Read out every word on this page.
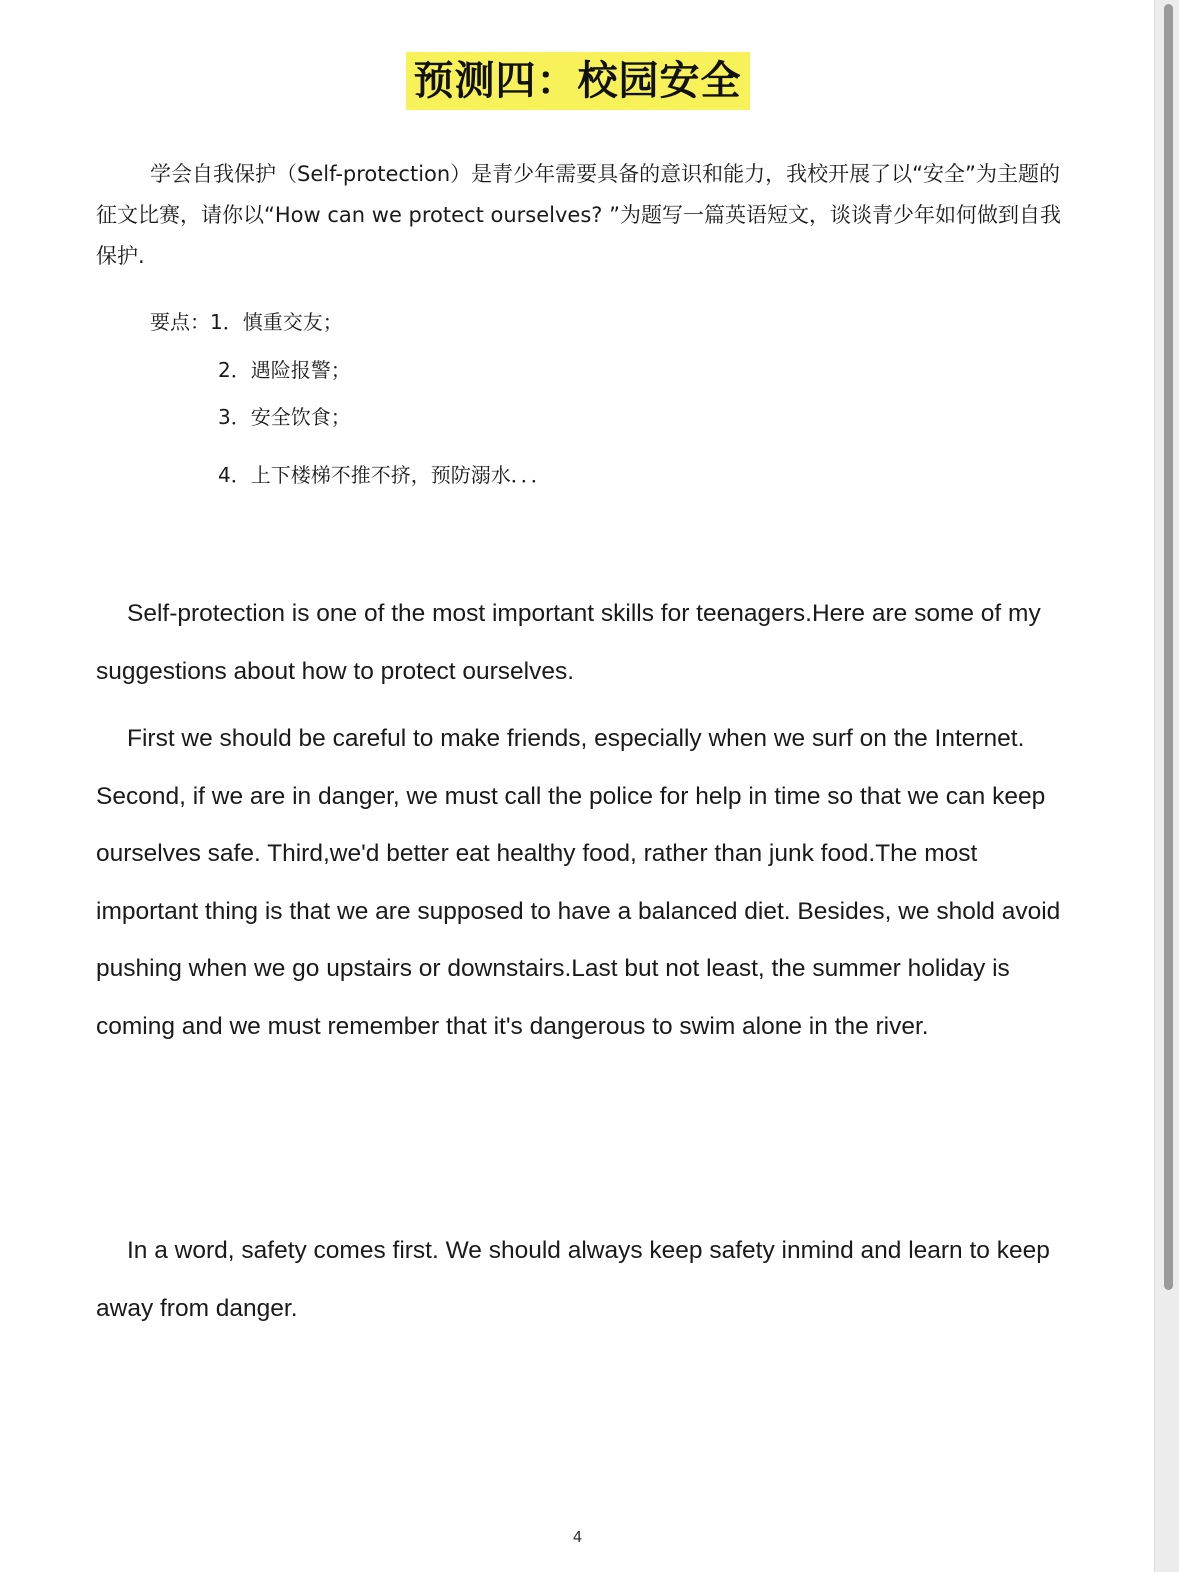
预测四：校园安全

学会自我保护（Self-protection）是青少年需要具备的意识和能力，我校开展了以“安全”为主题的征文比赛，请你以“How can we protect ourselves? ”为题写一篇英语短文，谈谈青少年如何做到自我保护.

要点：1．慎重交友；
2．遇险报警；
3．安全饮食；
4．上下楼梯不推不挤，预防溺水．．．

Self-protection is one of the most important skills for teenagers.Here are some of my suggestions about how to protect ourselves.

First we should be careful to make friends, especially when we surf on the Internet. Second, if we are in danger, we must call the police for help in time so that we can keep ourselves safe. Third,we'd better eat healthy food, rather than junk food.The most important thing is that we are supposed to have a balanced diet. Besides, we shold avoid pushing when we go upstairs or downstairs.Last but not least, the summer holiday is coming and we must remember that it's dangerous to swim alone in the river.

In a word, safety comes first. We should always keep safety inmind and learn to keep away from danger.

4
